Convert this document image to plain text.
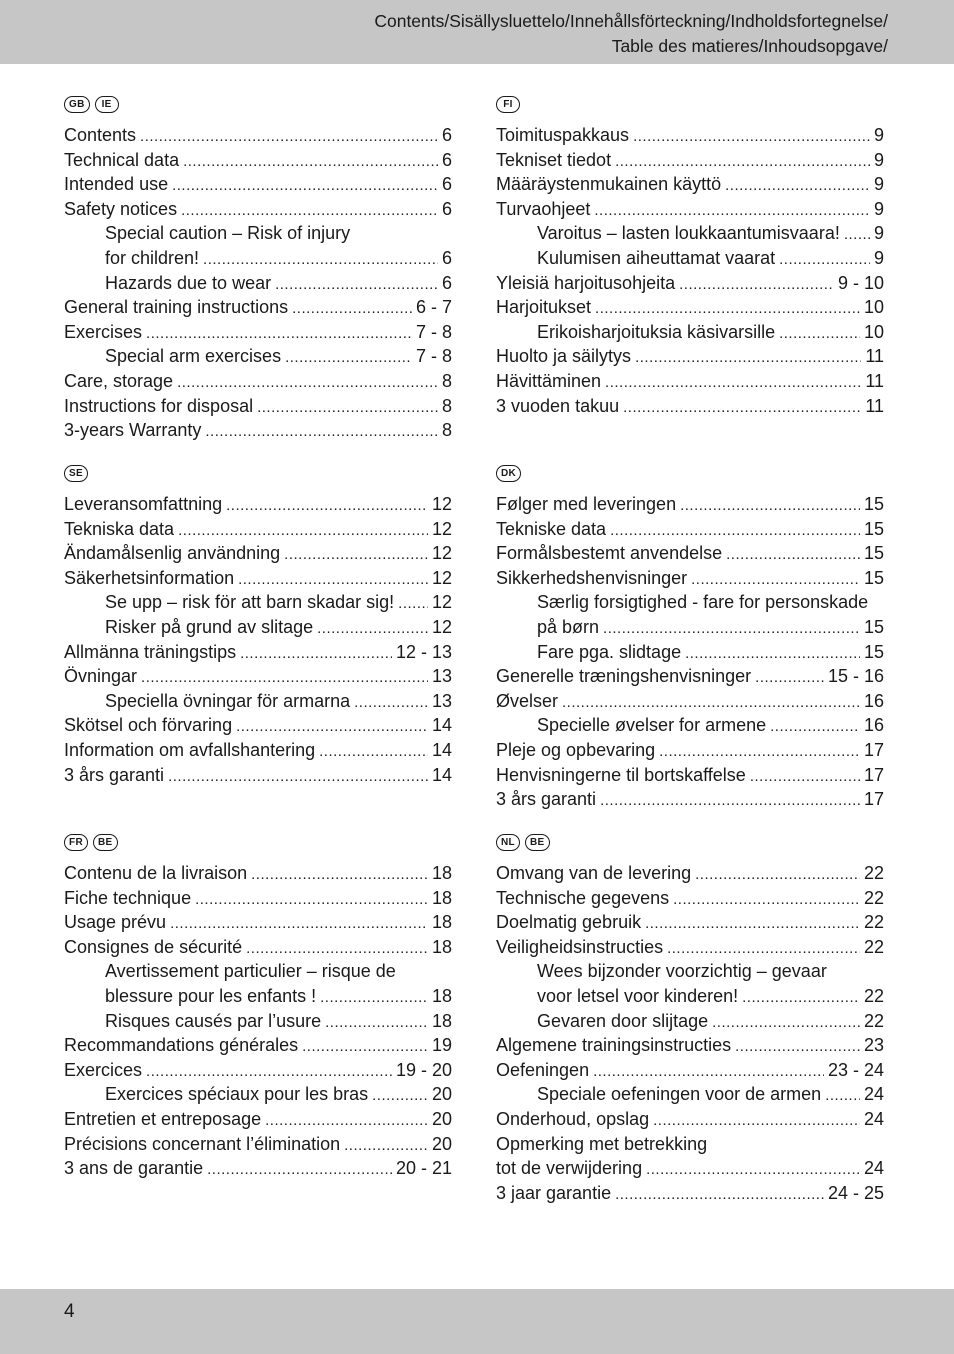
Contents/Sisällysluettelo/Innehållsförteckning/Indholdsfortegnelse/
Table des matieres/Inhoudsopgave/
GB	IE
Contents .....	6
Technical data .....	6
Intended use .....	6
Safety notices .....	6
Special caution – Risk of injury
for children! .....	6
Hazards due to wear .....	6
General training instructions .....	6 - 7
Exercises .....	7 - 8
Special arm exercises .....	7 - 8
Care, storage .....	8
Instructions for disposal .....	8
3-years Warranty .....	8
FI
Toimituspakkaus .....	9
Tekniset tiedot .....	9
Määräystenmukainen käyttö .....	9
Turvaohjeet .....	9
Varoitus – lasten loukkaantumisvaara! ..... 9
Kulumisen aiheuttamat vaarat .....	9
Yleisiä harjoitusohjeita .....	9 - 10
Harjoitukset .....	10
Erikoisharjoituksia käsivarsille .....	10
Huolto ja säilytys .....	11
Hävittäminen .....	11
3 vuoden takuu .....	11
SE
Leveransomfattning .....	12
Tekniska data .....	12
Ändamålsenlig användning .....	12
Säkerhetsinformation .....	12
Se upp – risk för att barn skadar sig! ..... 12
Risker på grund av slitage .....	12
Allmänna träningstips .....	12 - 13
Övningar .....	13
Speciella övningar för armarna .....	13
Skötsel och förvaring .....	14
Information om avfallshantering .....	14
3 års garanti .....	14
DK
Følger med leveringen .....	15
Tekniske data .....	15
Formålsbestemt anvendelse .....	15
Sikkerhedshenvisninger .....	15
Særlig forsigtighed - fare for personskade
på børn .....	15
Fare pga. slidtage .....	15
Generelle træningshenvisninger .....	15 - 16
Øvelser .....	16
Specielle øvelser for armene .....	16
Pleje og opbevaring .....	17
Henvisningerne til bortskaffelse .....	17
3 års garanti .....	17
FR	BE
Contenu de la livraison .....	18
Fiche technique .....	18
Usage prévu .....	18
Consignes de sécurité .....	18
Avertissement particulier – risque de
blessure pour les enfants ! .....	18
Risques causés par l’usure .....	18
Recommandations générales .....	19
Exercices .....	19 - 20
Exercices spéciaux pour les bras .....	20
Entretien et entreposage .....	20
Précisions concernant l’élimination .....	20
3 ans de garantie .....	20 - 21
NL	BE
Omvang van de levering .....	22
Technische gegevens .....	22
Doelmatig gebruik .....	22
Veiligheidsinstructies .....	22
Wees bijzonder voorzichtig – gevaar
voor letsel voor kinderen! .....	22
Gevaren door slijtage .....	22
Algemene trainingsinstructies .....	23
Oefeningen .....	23 - 24
Speciale oefeningen voor de armen ..... 24
Onderhoud, opslag .....	24
Opmerking met betrekking
tot de verwijdering .....	24
3 jaar garantie .....	24 - 25
4
